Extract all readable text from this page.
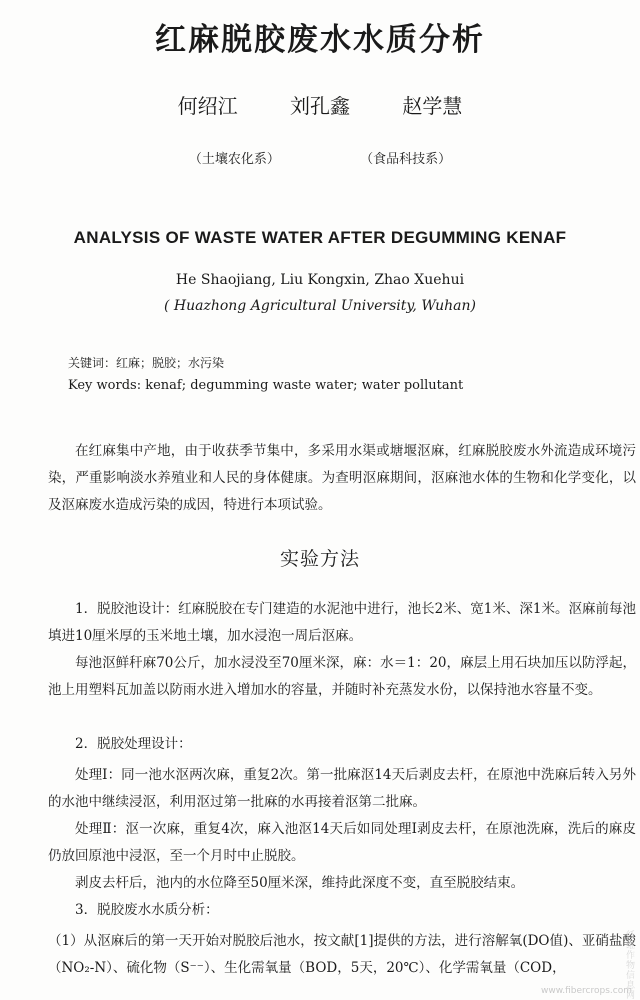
红麻脱胶废水水质分析
何绍江	刘孔鑫	赵学慧
（土壤农化系）	（食品科技系）
ANALYSIS OF WASTE WATER AFTER DEGUMMING KENAF
He Shaojiang, Liu Kongxin, Zhao Xuehui
( Huazhong Agricultural University, Wuhan)
关键词：红麻；脱胶；水污染
Key words: kenaf; degumming waste water; water pollutant
在红麻集中产地，由于收获季节集中，多采用水渠或塘堰沤麻，红麻脱胶废水外流造成环境污染，严重影响淡水养殖业和人民的身体健康。为查明沤麻期间，沤麻池水体的生物和化学变化，以及沤麻废水造成污染的成因，特进行本项试验。
实验方法
1．脱胶池设计：红麻脱胶在专门建造的水泥池中进行，池长2米、宽1米、深1米。沤麻前每池填进10厘米厚的玉米地土壤，加水浸泡一周后沤麻。
每池沤鲜秆麻70公斤，加水浸没至70厘米深，麻：水＝1：20，麻层上用石块加压以防浮起，池上用塑料瓦加盖以防雨水进入增加水的容量，并随时补充蒸发水份，以保持池水容量不变。
2．脱胶处理设计：
处理Ⅰ：同一池水沤两次麻，重复2次。第一批麻沤14天后剥皮去杆，在原池中洗麻后转入另外的水池中继续浸沤，利用沤过第一批麻的水再接着沤第二批麻。
处理Ⅱ：沤一次麻，重复4次，麻入池沤14天后如同处理Ⅰ剥皮去杆，在原池洗麻，洗后的麻皮仍放回原池中浸沤，至一个月时中止脱胶。
剥皮去杆后，池内的水位降至50厘米深，维持此深度不变，直至脱胶结束。
3．脱胶废水水质分析：
（1）从沤麻后的第一天开始对脱胶后池水，按文献[1]提供的方法，进行溶解氧(DO值)、亚硝盐酸（NO₂-N）、硫化物（S⁻⁻）、生化需氧量（BOD，5天，20℃）、化学需氧量（COD，	纤维作物信息网
www.fibercrops.com
